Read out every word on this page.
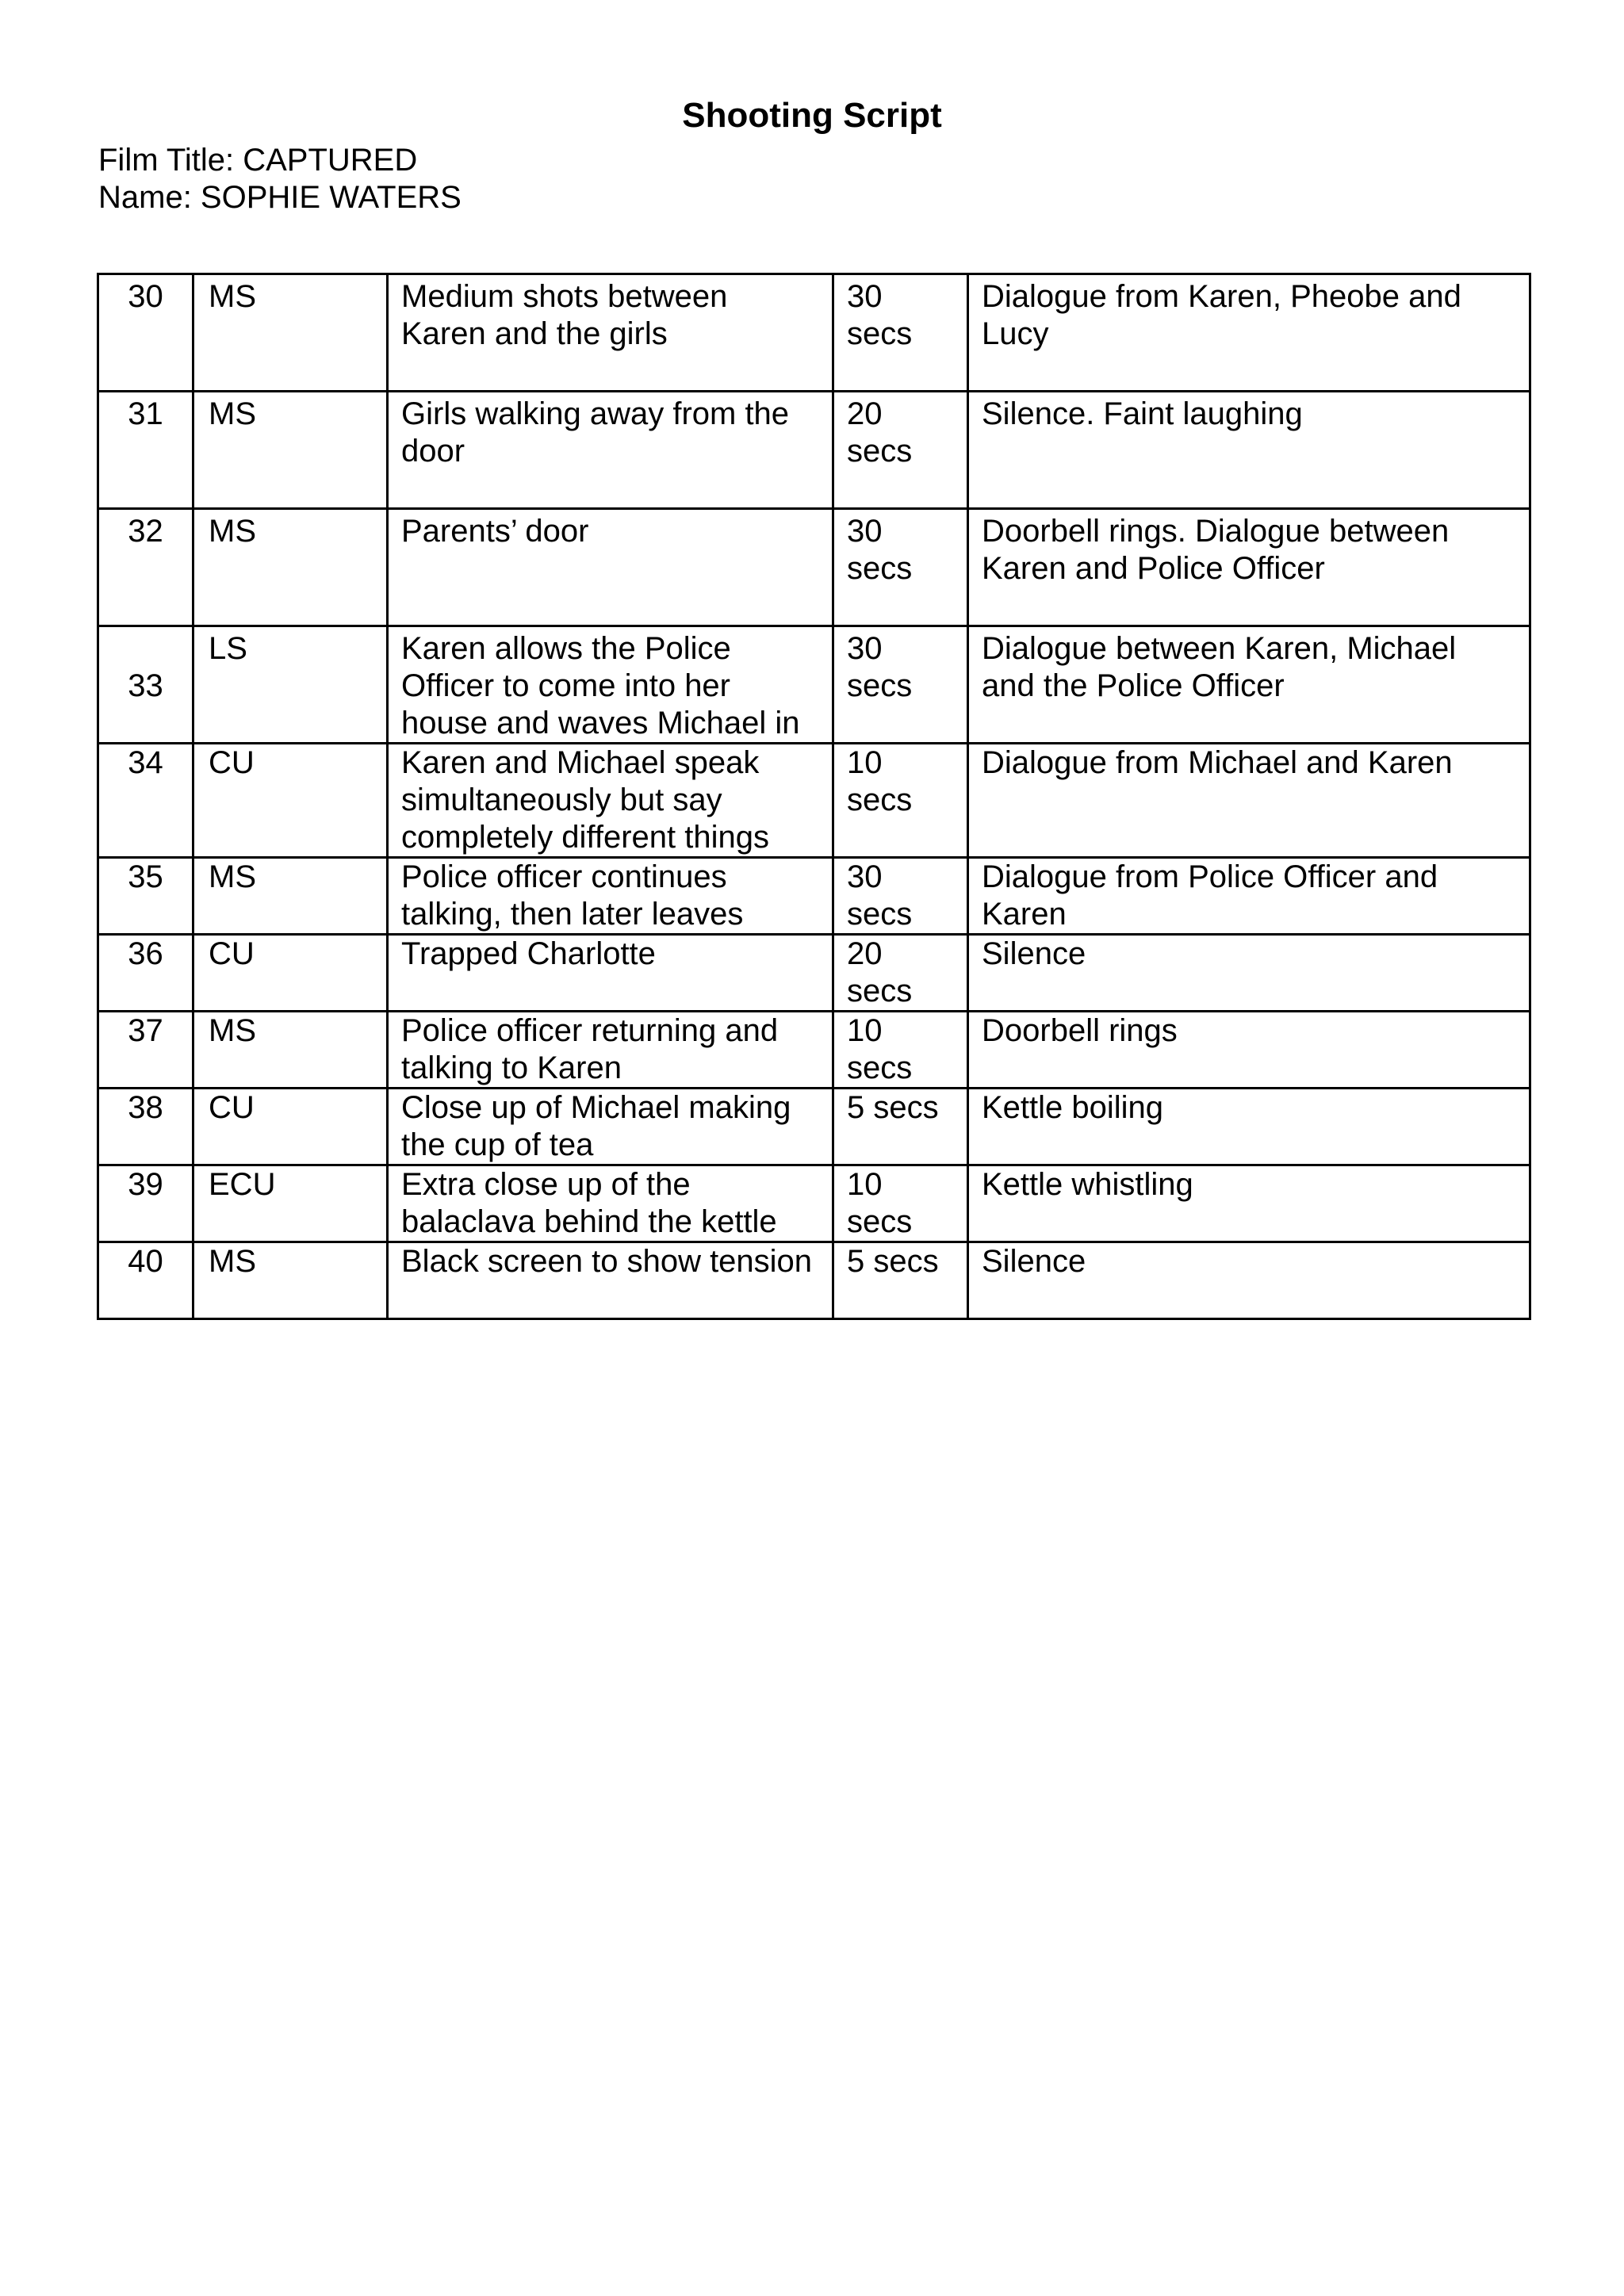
Shooting Script
Film Title: CAPTURED
Name: SOPHIE WATERS
30	MS	Medium shots between Karen and the girls	30 secs	Dialogue from Karen, Pheobe and Lucy
31	MS	Girls walking away from the door	20 secs	Silence. Faint laughing
32	MS	Parents’ door	30 secs	Doorbell rings. Dialogue between Karen and Police Officer
33	LS	Karen allows the Police Officer to come into her house and waves Michael in	30 secs	Dialogue between Karen, Michael and the Police Officer
34	CU	Karen and Michael speak simultaneously but say completely different things	10 secs	Dialogue from Michael and Karen
35	MS	Police officer continues talking, then later leaves	30 secs	Dialogue from Police Officer and Karen
36	CU	Trapped Charlotte	20 secs	Silence
37	MS	Police officer returning and talking to Karen	10 secs	Doorbell rings
38	CU	Close up of Michael making the cup of tea	5 secs	Kettle boiling
39	ECU	Extra close up of the balaclava behind the kettle	10 secs	Kettle whistling
40	MS	Black screen to show tension	5 secs	Silence
